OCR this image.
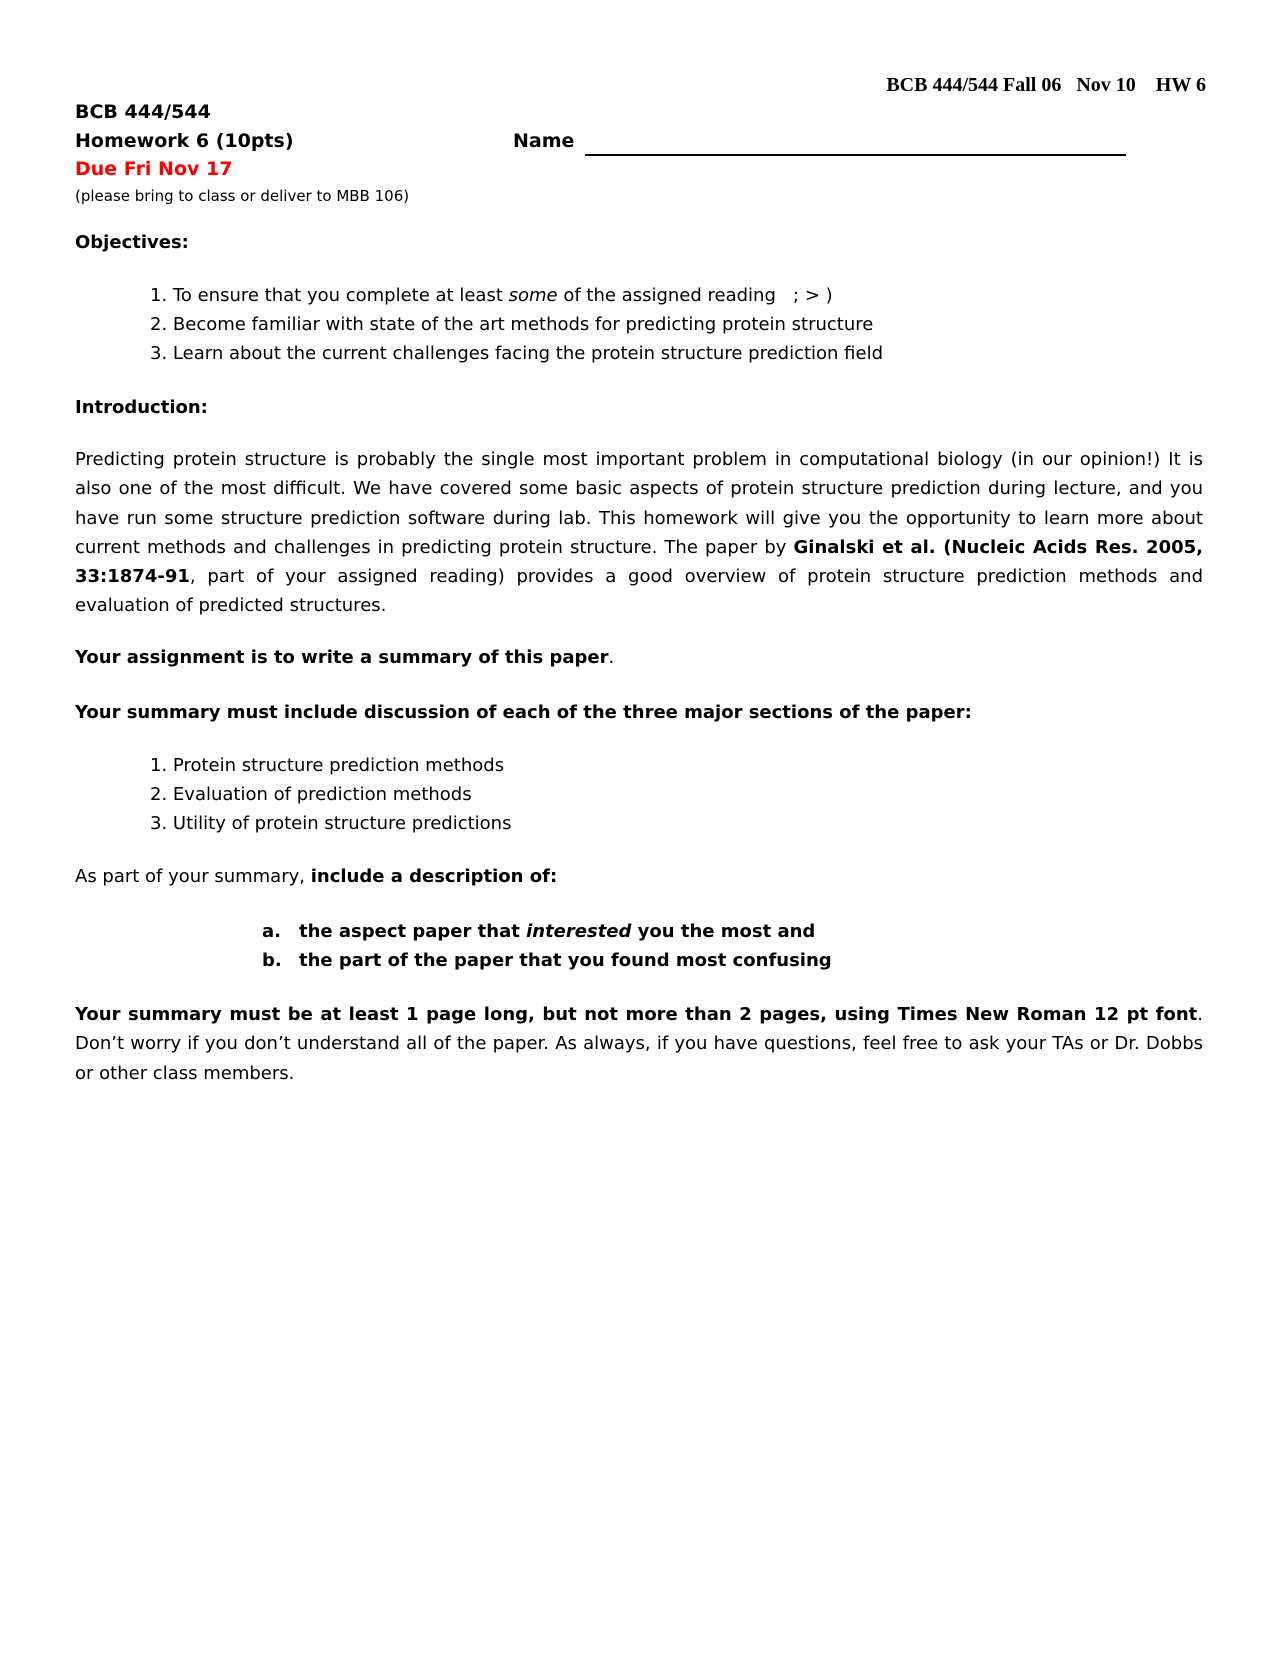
BCB 444/544 Fall 06   Nov 10    HW 6
BCB 444/544
Homework 6 (10pts)	Name
Due Fri Nov 17
(please bring to class or deliver to MBB 106)
Objectives:
1. To ensure that you complete at least some of the assigned reading   ; > )
2. Become familiar with state of the art methods for predicting protein structure
3. Learn about the current challenges facing the protein structure prediction field
Introduction:

Predicting protein structure is probably the single most important problem in computational biology (in our opinion!) It is also one of the most difficult. We have covered some basic aspects of protein structure prediction during lecture, and you have run some structure prediction software during lab. This homework will give you the opportunity to learn more about current methods and challenges in predicting protein structure. The paper by Ginalski et al. (Nucleic Acids Res. 2005, 33:1874-91, part of your assigned reading) provides a good overview of protein structure prediction methods and evaluation of predicted structures.

Your assignment is to write a summary of this paper.
Your summary must include discussion of each of the three major sections of the paper:
1. Protein structure prediction methods
2. Evaluation of prediction methods
3. Utility of protein structure predictions
As part of your summary, include a description of:
a. the aspect paper that interested you the most and
b. the part of the paper that you found most confusing

Your summary must be at least 1 page long, but not more than 2 pages, using Times New Roman 12 pt font. Don’t worry if you don’t understand all of the paper. As always, if you have questions, feel free to ask your TAs or Dr. Dobbs or other class members.
